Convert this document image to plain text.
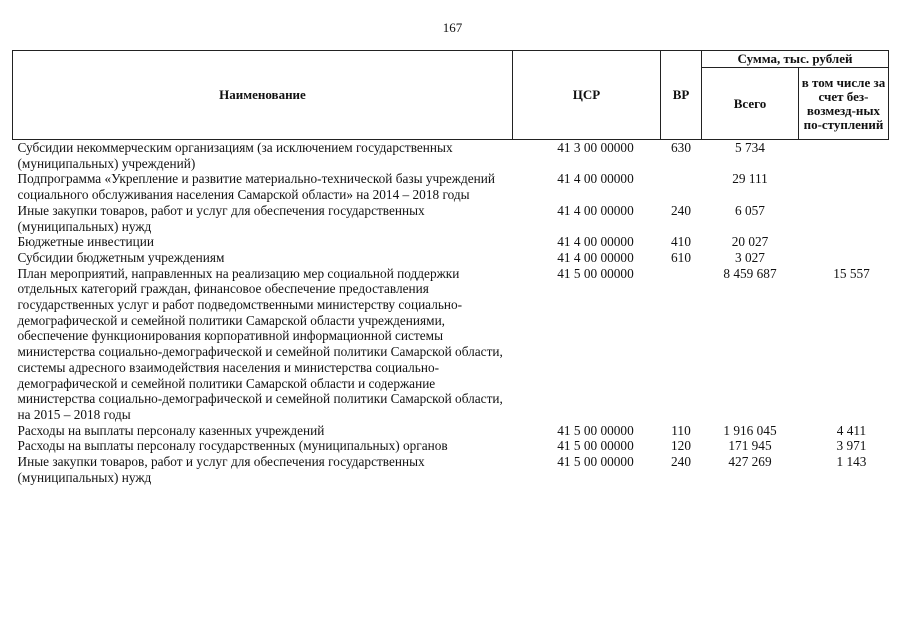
167
Наименование	ЦСР	ВР	Сумма, тыс. рублей	
			Всего	в том числе за счет без-возмезд-ных по-ступлений
Субсидии некоммерческим организациям (за исключением государственных (муниципальных) учреждений)	41 3 00 00000	630	5 734	
Подпрограмма «Укрепление и развитие материально-технической базы учреждений социального обслуживания населения Самарской области» на 2014 – 2018 годы	41 4 00 00000		29 111	
Иные закупки товаров, работ и услуг для обеспечения государственных (муниципальных) нужд	41 4 00 00000	240	6 057	
Бюджетные инвестиции	41 4 00 00000	410	20 027	
Субсидии бюджетным учреждениям	41 4 00 00000	610	3 027	
План мероприятий, направленных на реализацию мер социальной поддержки отдельных категорий граждан, финансовое обеспечение предоставления государственных услуг и работ подведомственными министерству социально-демографической и семейной политики Самарской области учреждениями, обеспечение функционирования корпоративной информационной системы министерства социально-демографической и семейной политики Самарской области, системы адресного взаимодействия населения и министерства социально-демографической и семейной политики Самарской области и содержание министерства социально-демографической и семейной политики Самарской области, на 2015 – 2018 годы	41 5 00 00000		8 459 687	15 557
Расходы на выплаты персоналу казенных учреждений	41 5 00 00000	110	1 916 045	4 411
Расходы на выплаты персоналу государственных (муниципальных) органов	41 5 00 00000	120	171 945	3 971
Иные закупки товаров, работ и услуг для обеспечения государственных (муниципальных) нужд	41 5 00 00000	240	427 269	1 143
